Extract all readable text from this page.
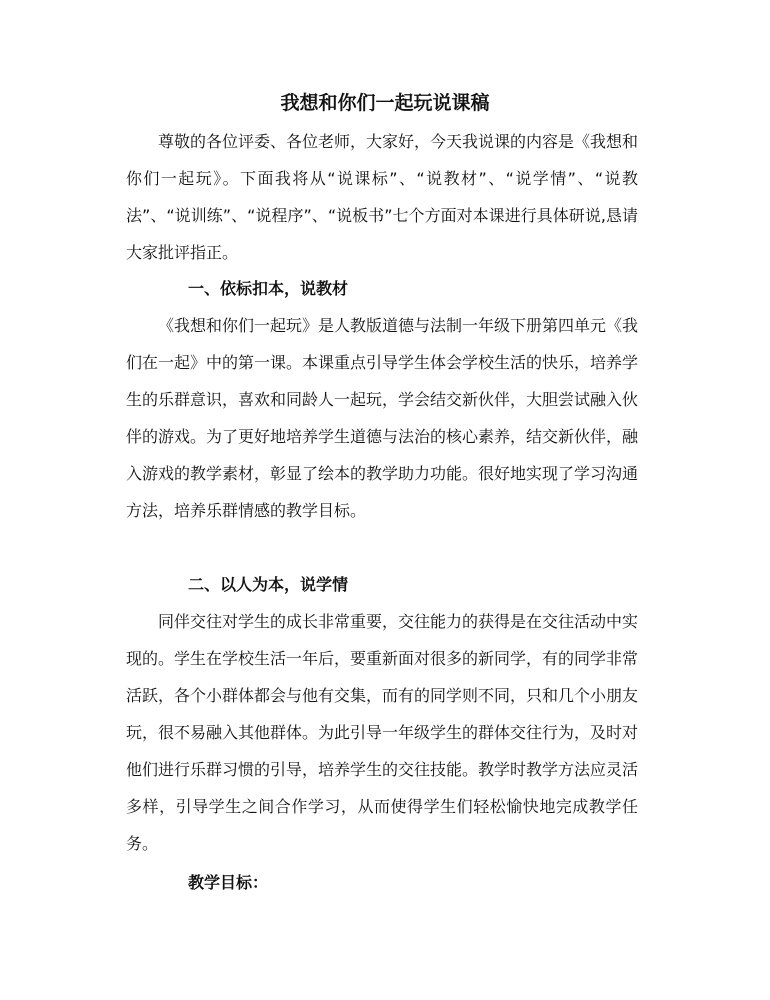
我想和你们一起玩说课稿

尊敬的各位评委、各位老师，大家好，今天我说课的内容是《我想和你们一起玩》。下面我将从“说课标”、“说教材”、“说学情”、“说教法”、“说训练”、“说程序”、“说板书”七个方面对本课进行具体研说,恳请大家批评指正。

一、依标扣本，说教材

《我想和你们一起玩》是人教版道德与法制一年级下册第四单元《我们在一起》中的第一课。本课重点引导学生体会学校生活的快乐，培养学生的乐群意识，喜欢和同龄人一起玩，学会结交新伙伴，大胆尝试融入伙伴的游戏。为了更好地培养学生道德与法治的核心素养，结交新伙伴，融入游戏的教学素材，彰显了绘本的教学助力功能。很好地实现了学习沟通方法，培养乐群情感的教学目标。

二、以人为本，说学情

同伴交往对学生的成长非常重要，交往能力的获得是在交往活动中实现的。学生在学校生活一年后，要重新面对很多的新同学，有的同学非常活跃，各个小群体都会与他有交集，而有的同学则不同，只和几个小朋友玩，很不易融入其他群体。为此引导一年级学生的群体交往行为，及时对他们进行乐群习惯的引导，培养学生的交往技能。教学时教学方法应灵活多样，引导学生之间合作学习，从而使得学生们轻松愉快地完成教学任务。

教学目标：
